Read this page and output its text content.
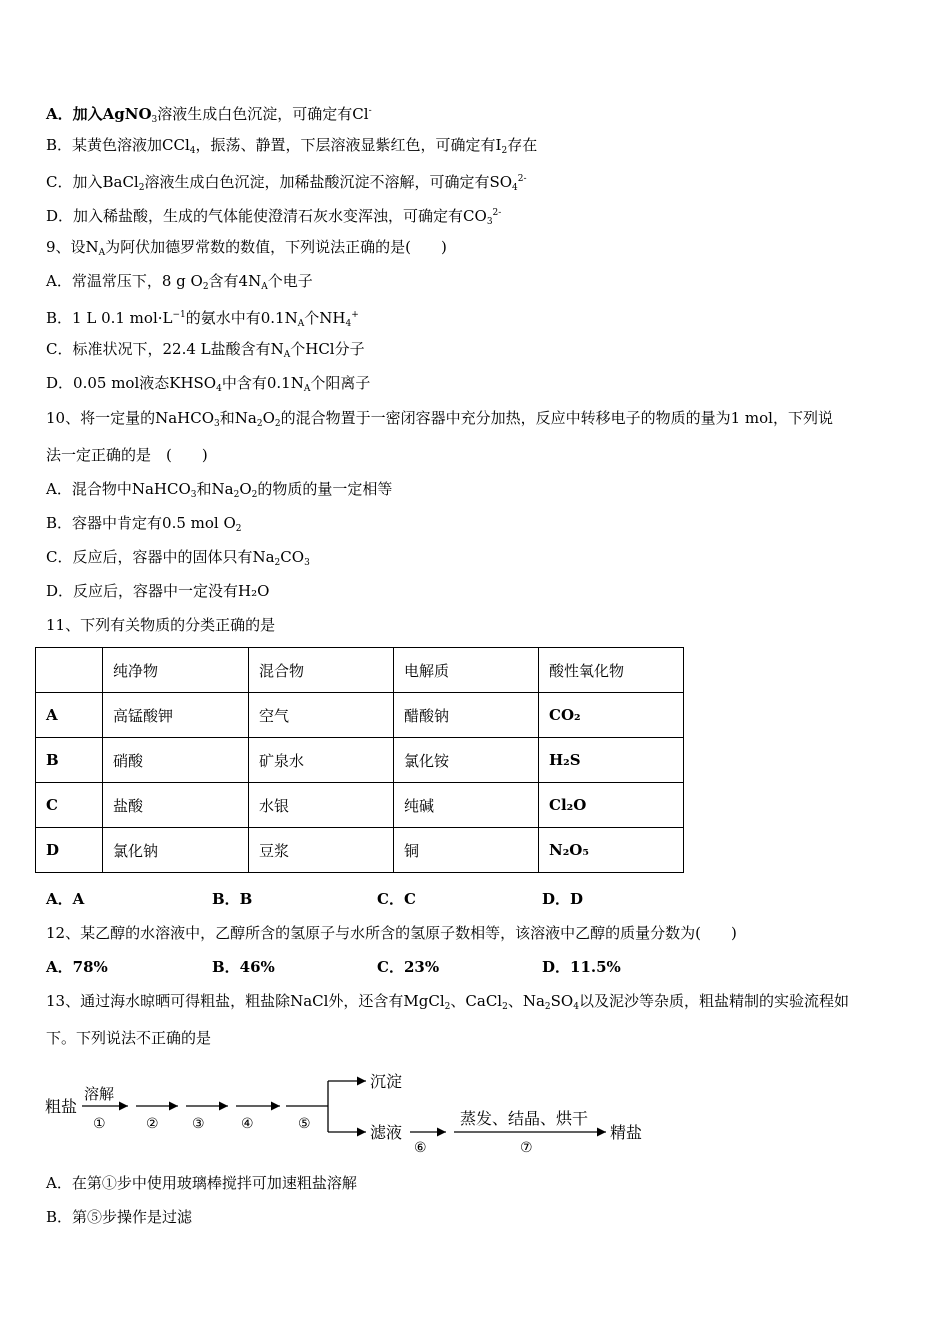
A．加入AgNO$_3$溶液生成白色沉淀，可确定有Cl-
B．某黄色溶液加CCl$_4$，振荡、静置，下层溶液显紫红色，可确定有$I_2$存在
C．加入BaCl$_2$溶液生成白色沉淀，加稀盐酸沉淀不溶解，可确定有$SO_4^{2-}$
D．加入稀盐酸，生成的气体能使澄清石灰水变浑浊，可确定有$CO_3^{2-}$
9、设$N_A$为阿伏加德罗常数的数值，下列说法正确的是(　　)
A．常温常压下，8 g $O_2$含有$4N_A$个电子
B．1 L 0.1 $mol\cdot L^{-1}$的氨水中有$0.1N_A$个$NH_4^+$
C．标准状况下，22.4 L盐酸含有$N_A$个HCl分子
D．0.05 mol液态$KHSO_4$中含有$0.1N_A$个阳离子
10、将一定量的NaHCO$_3$和$Na_2O_2$的混合物置于一密闭容器中充分加热，反应中转移电子的物质的量为1 mol，下列说
法一定正确的是　(　　)
A．混合物中NaHCO$_3$和$Na_2O_2$的物质的量一定相等
B．容器中肯定有0.5 mol $O_2$
C．反应后，容器中的固体只有$Na_2CO_3$
D．反应后，容器中一定没有H₂O
11、下列有关物质的分类正确的是
	纯净物	混合物	电解质	酸性氧化物
A	高锰酸钾	空气	醋酸钠	CO₂
B	硝酸	矿泉水	氯化铵	H₂S
C	盐酸	水银	纯碱	Cl₂O
D	氯化钠	豆浆	铜	N₂O₅
A．A	B．B	C．C	D．D
12、某乙醇的水溶液中，乙醇所含的氢原子与水所含的氢原子数相等，该溶液中乙醇的质量分数为(　　)
A．78%	B．46%	C．23%	D．11.5%
13、通过海水晾晒可得粗盐，粗盐除NaCl外，还含有MgCl$_2$、CaCl$_2$、$Na_2SO_4$以及泥沙等杂质，粗盐精制的实验流程如
下。下列说法不正确的是
粗盐
溶解
①	② ③	④	⑤
沉淀
滤液
⑥
蒸发、结晶、烘干
⑦
精盐
A．在第①步中使用玻璃棒搅拌可加速粗盐溶解
B．第⑤步操作是过滤
